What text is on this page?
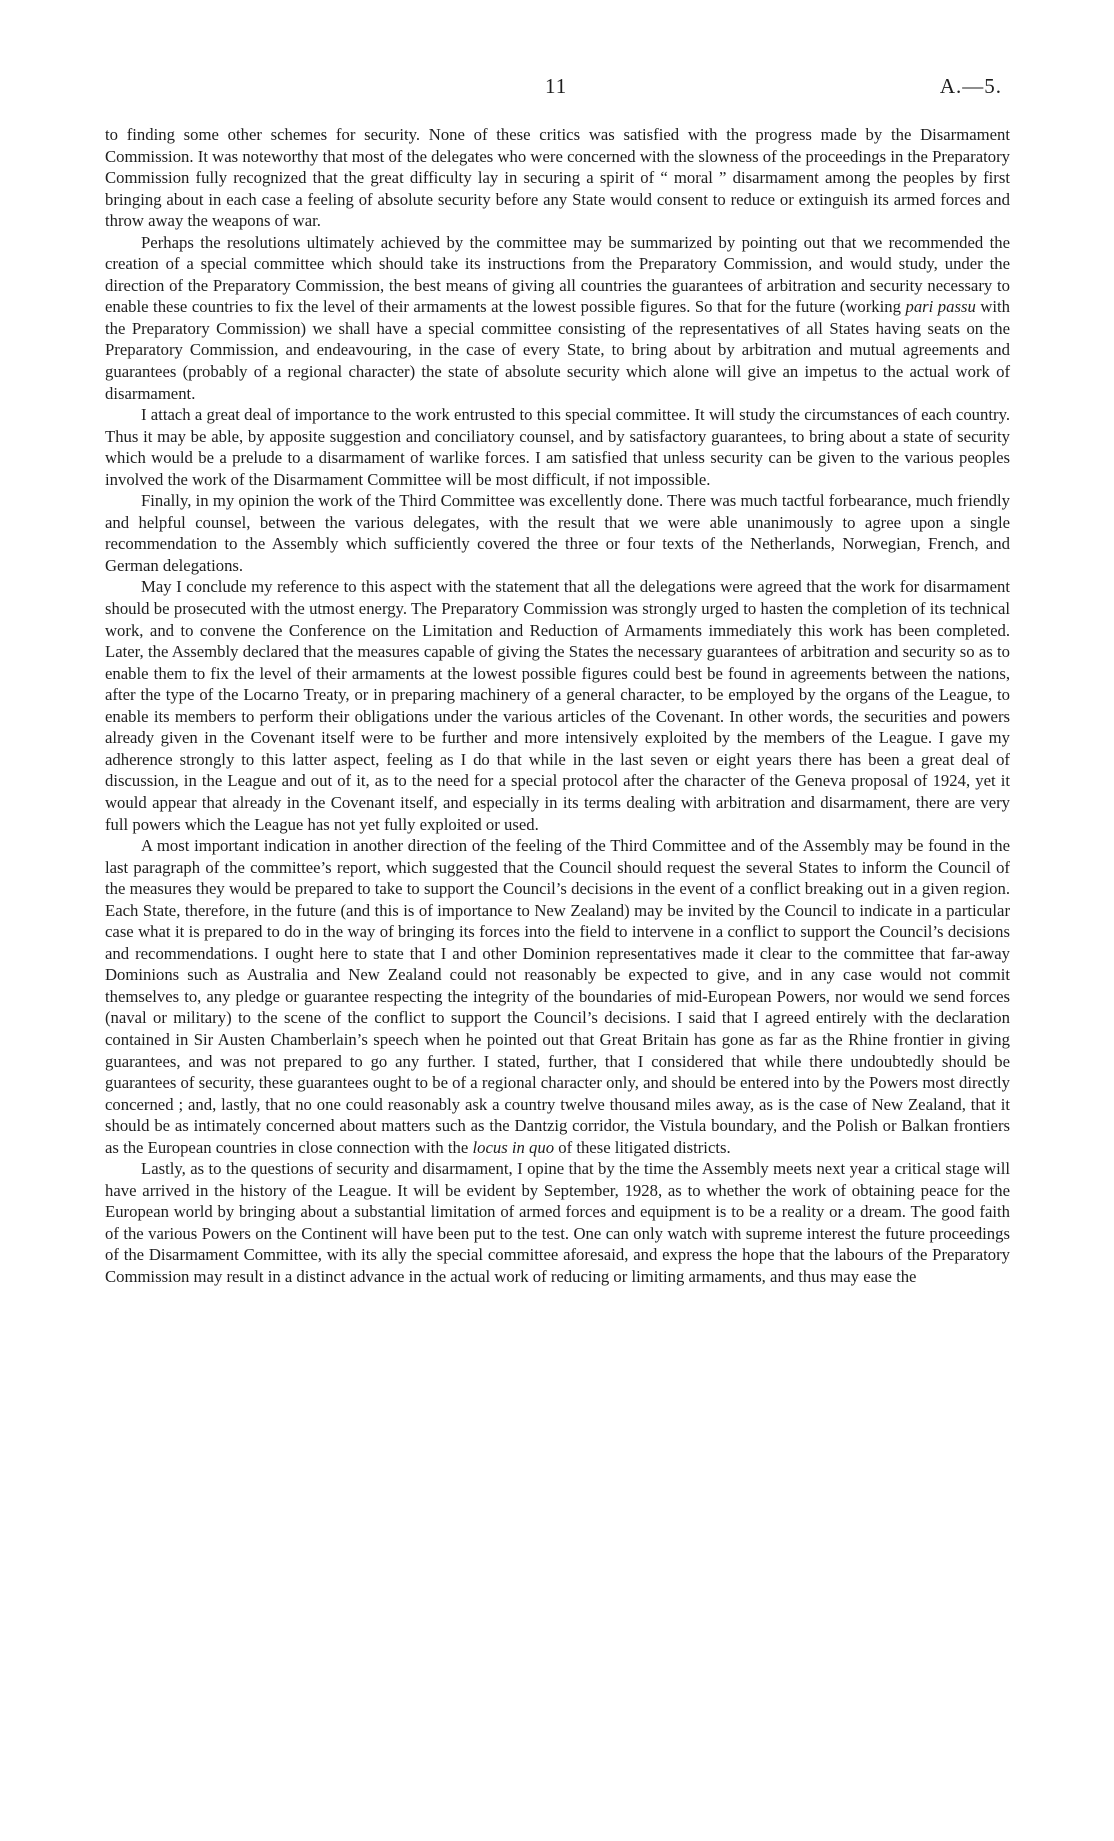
11	A.—5.

to finding some other schemes for security. None of these critics was satisfied with the progress made by the Disarmament Commission. It was noteworthy that most of the delegates who were concerned with the slowness of the proceedings in the Preparatory Commission fully recognized that the great difficulty lay in securing a spirit of “ moral ” disarmament among the peoples by first bringing about in each case a feeling of absolute security before any State would consent to reduce or extinguish its armed forces and throw away the weapons of war.

Perhaps the resolutions ultimately achieved by the committee may be summarized by pointing out that we recommended the creation of a special committee which should take its instructions from the Preparatory Commission, and would study, under the direction of the Preparatory Commission, the best means of giving all countries the guarantees of arbitration and security necessary to enable these countries to fix the level of their armaments at the lowest possible figures. So that for the future (working pari passu with the Preparatory Commission) we shall have a special committee consisting of the representatives of all States having seats on the Preparatory Commission, and endeavouring, in the case of every State, to bring about by arbitration and mutual agreements and guarantees (probably of a regional character) the state of absolute security which alone will give an impetus to the actual work of disarmament.

I attach a great deal of importance to the work entrusted to this special committee. It will study the circumstances of each country. Thus it may be able, by apposite suggestion and conciliatory counsel, and by satisfactory guarantees, to bring about a state of security which would be a prelude to a disarmament of warlike forces. I am satisfied that unless security can be given to the various peoples involved the work of the Disarmament Committee will be most difficult, if not impossible.

Finally, in my opinion the work of the Third Committee was excellently done. There was much tactful forbearance, much friendly and helpful counsel, between the various delegates, with the result that we were able unanimously to agree upon a single recommendation to the Assembly which sufficiently covered the three or four texts of the Netherlands, Norwegian, French, and German delegations.

May I conclude my reference to this aspect with the statement that all the delegations were agreed that the work for disarmament should be prosecuted with the utmost energy. The Preparatory Commission was strongly urged to hasten the completion of its technical work, and to convene the Conference on the Limitation and Reduction of Armaments immediately this work has been completed. Later, the Assembly declared that the measures capable of giving the States the necessary guarantees of arbitration and security so as to enable them to fix the level of their armaments at the lowest possible figures could best be found in agreements between the nations, after the type of the Locarno Treaty, or in preparing machinery of a general character, to be employed by the organs of the League, to enable its members to perform their obligations under the various articles of the Covenant. In other words, the securities and powers already given in the Covenant itself were to be further and more intensively exploited by the members of the League. I gave my adherence strongly to this latter aspect, feeling as I do that while in the last seven or eight years there has been a great deal of discussion, in the League and out of it, as to the need for a special protocol after the character of the Geneva proposal of 1924, yet it would appear that already in the Covenant itself, and especially in its terms dealing with arbitration and disarmament, there are very full powers which the League has not yet fully exploited or used.

A most important indication in another direction of the feeling of the Third Committee and of the Assembly may be found in the last paragraph of the committee’s report, which suggested that the Council should request the several States to inform the Council of the measures they would be prepared to take to support the Council’s decisions in the event of a conflict breaking out in a given region. Each State, therefore, in the future (and this is of importance to New Zealand) may be invited by the Council to indicate in a particular case what it is prepared to do in the way of bringing its forces into the field to intervene in a conflict to support the Council’s decisions and recommendations. I ought here to state that I and other Dominion representatives made it clear to the committee that far-away Dominions such as Australia and New Zealand could not reasonably be expected to give, and in any case would not commit themselves to, any pledge or guarantee respecting the integrity of the boundaries of mid-European Powers, nor would we send forces (naval or military) to the scene of the conflict to support the Council’s decisions. I said that I agreed entirely with the declaration contained in Sir Austen Chamberlain’s speech when he pointed out that Great Britain has gone as far as the Rhine frontier in giving guarantees, and was not prepared to go any further. I stated, further, that I considered that while there undoubtedly should be guarantees of security, these guarantees ought to be of a regional character only, and should be entered into by the Powers most directly concerned ; and, lastly, that no one could reasonably ask a country twelve thousand miles away, as is the case of New Zealand, that it should be as intimately concerned about matters such as the Dantzig corridor, the Vistula boundary, and the Polish or Balkan frontiers as the European countries in close connection with the locus in quo of these litigated districts.

Lastly, as to the questions of security and disarmament, I opine that by the time the Assembly meets next year a critical stage will have arrived in the history of the League. It will be evident by September, 1928, as to whether the work of obtaining peace for the European world by bringing about a substantial limitation of armed forces and equipment is to be a reality or a dream. The good faith of the various Powers on the Continent will have been put to the test. One can only watch with supreme interest the future proceedings of the Disarmament Committee, with its ally the special committee aforesaid, and express the hope that the labours of the Preparatory Commission may result in a distinct advance in the actual work of reducing or limiting armaments, and thus may ease the
